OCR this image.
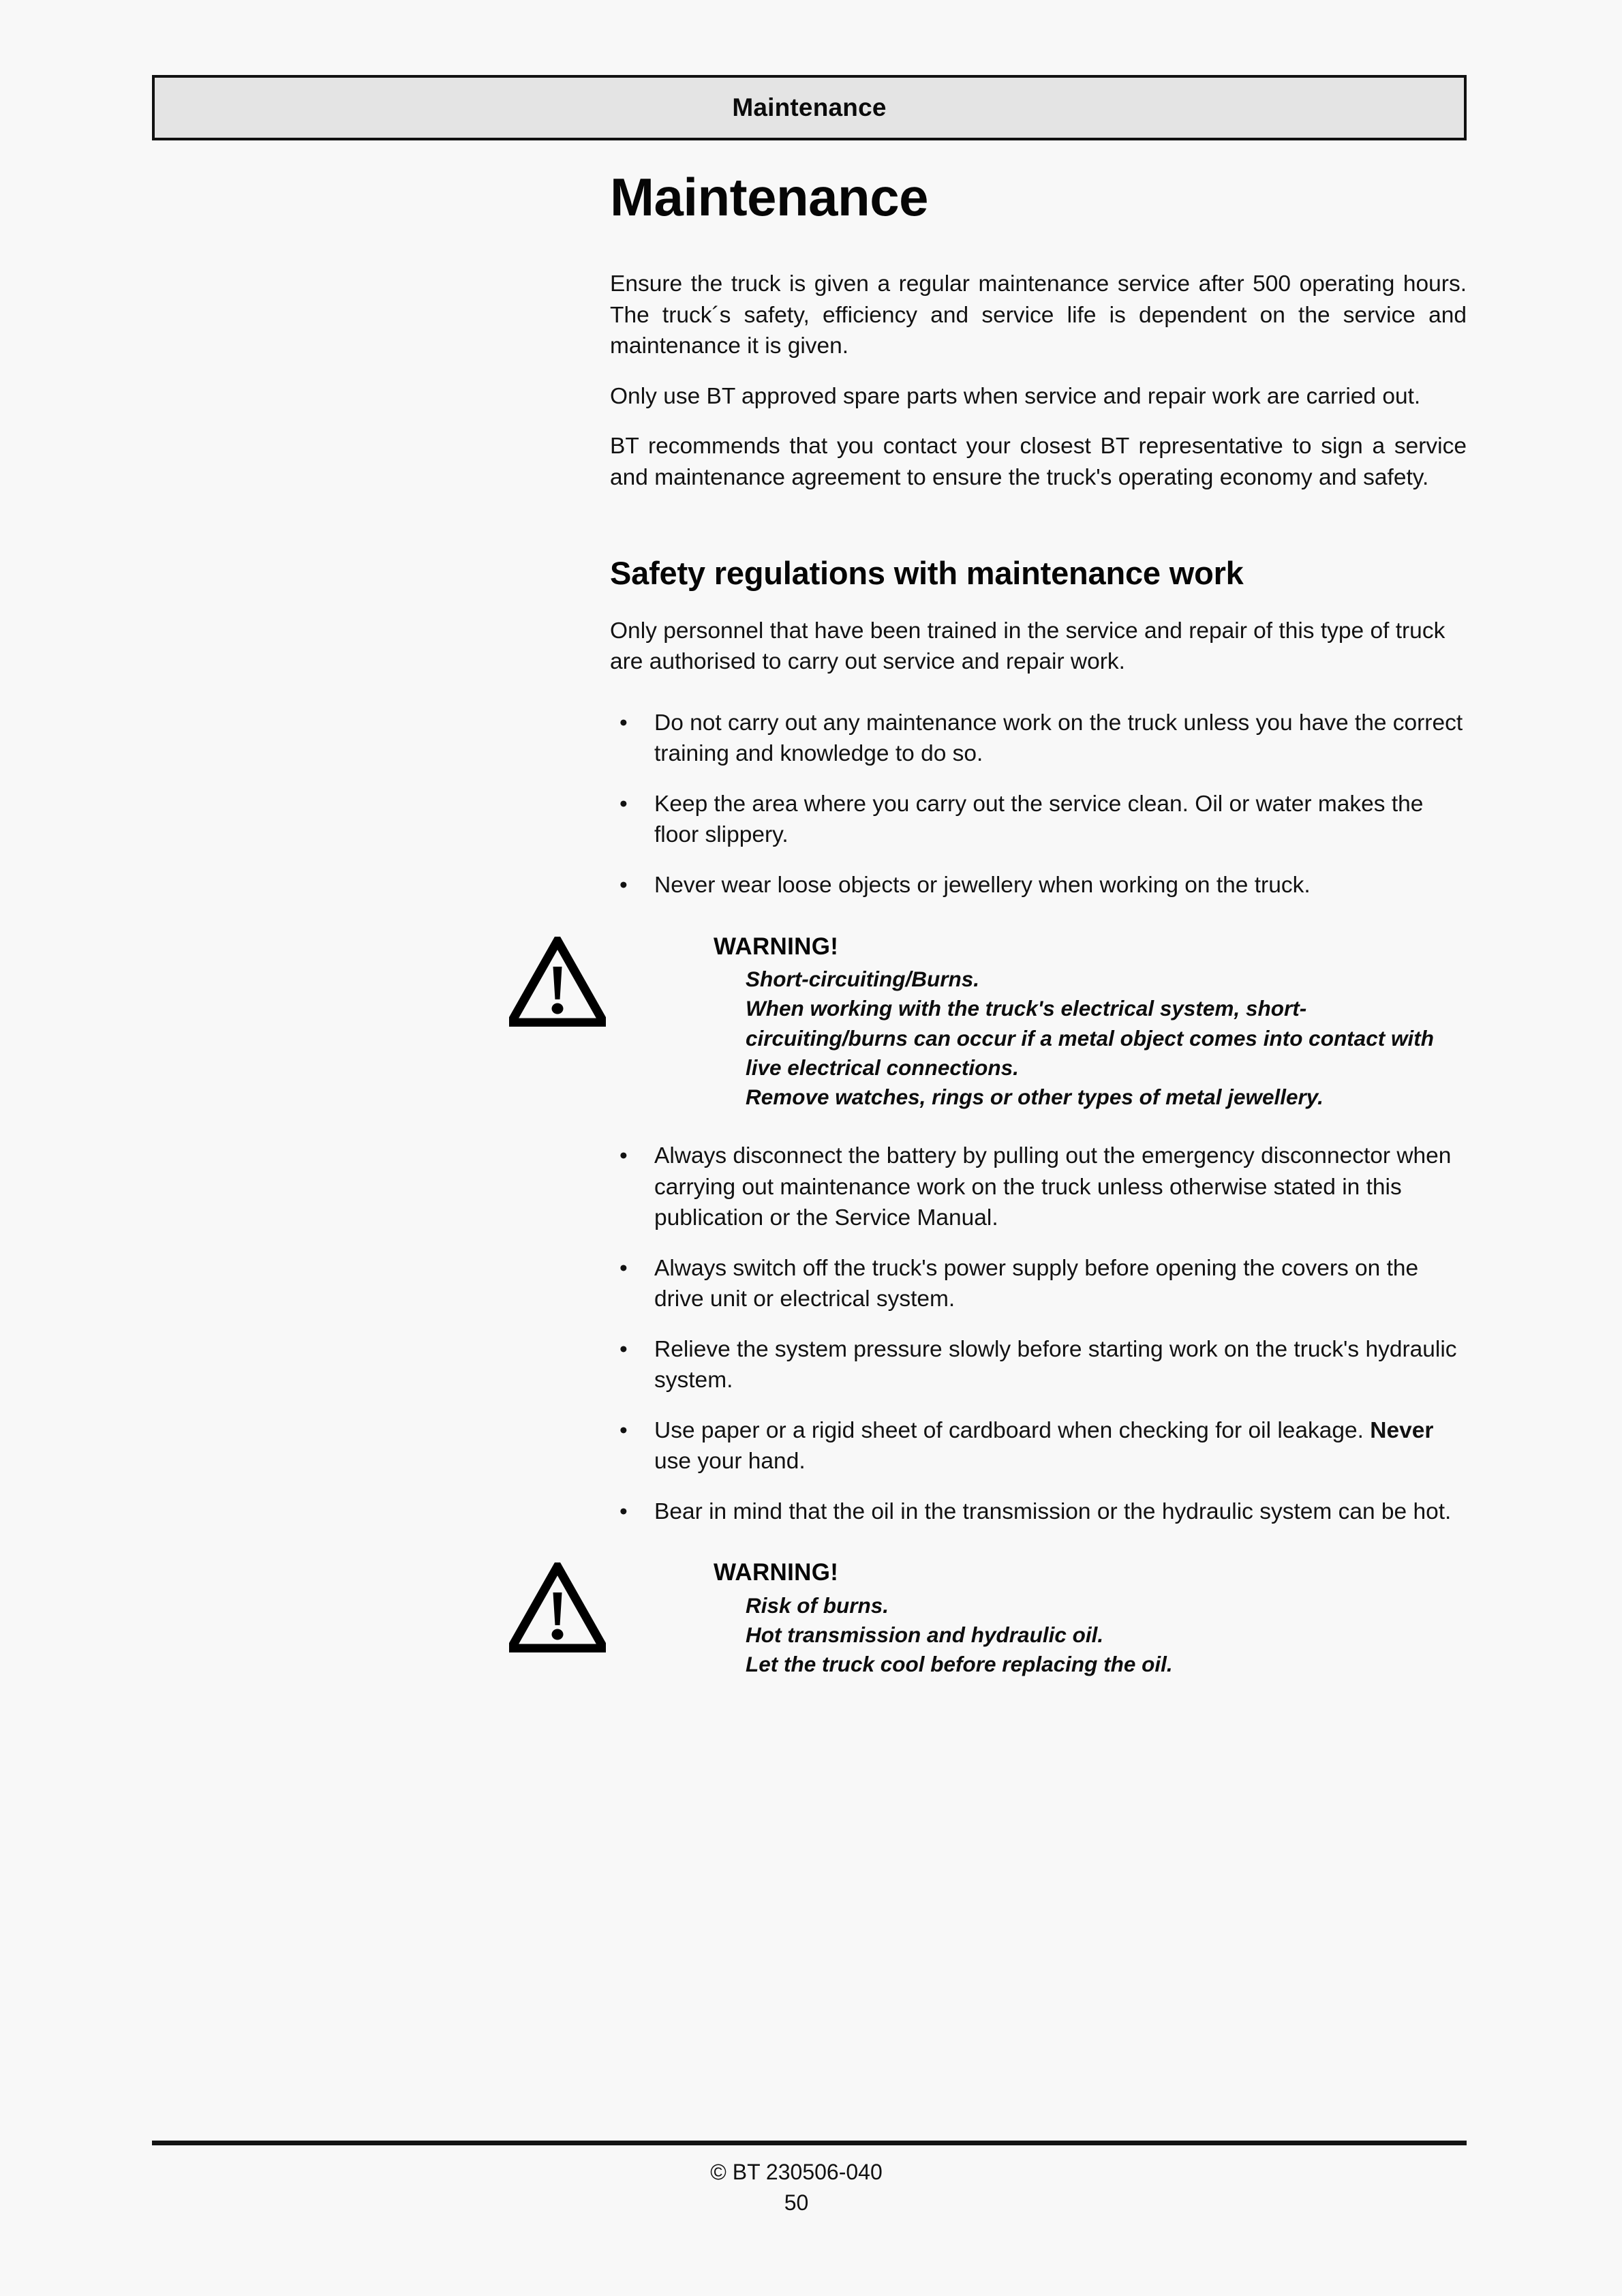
Maintenance
Maintenance

Ensure the truck is given a regular maintenance service after 500 operating hours. The truck´s safety, efficiency and service life is dependent on the service and maintenance it is given.

Only use BT approved spare parts when service and repair work are carried out.

BT recommends that you contact your closest BT representative to sign a service and maintenance agreement to ensure the truck's operating economy and safety.

Safety regulations with maintenance work

Only personnel that have been trained in the service and repair of this type of truck are authorised to carry out service and repair work.

• Do not carry out any maintenance work on the truck unless you have the correct training and knowledge to do so.
• Keep the area where you carry out the service clean. Oil or water makes the floor slippery.
• Never wear loose objects or jewellery when working on the truck.
WARNING!

Short-circuiting/Burns.

When working with the truck's electrical system, short-circuiting/burns can occur if a metal object comes into contact with live electrical connections.

Remove watches, rings or other types of metal jewellery.

• Always disconnect the battery by pulling out the emergency disconnector when carrying out maintenance work on the truck unless otherwise stated in this publication or the Service Manual.
• Always switch off the truck's power supply before opening the covers on the drive unit or electrical system.
• Relieve the system pressure slowly before starting work on the truck's hydraulic system.
• Use paper or a rigid sheet of cardboard when checking for oil leakage. Never use your hand.
• Bear in mind that the oil in the transmission or the hydraulic system can be hot.
WARNING!

Risk of burns.

Hot transmission and hydraulic oil.

Let the truck cool before replacing the oil.

© BT 230506-040

50
